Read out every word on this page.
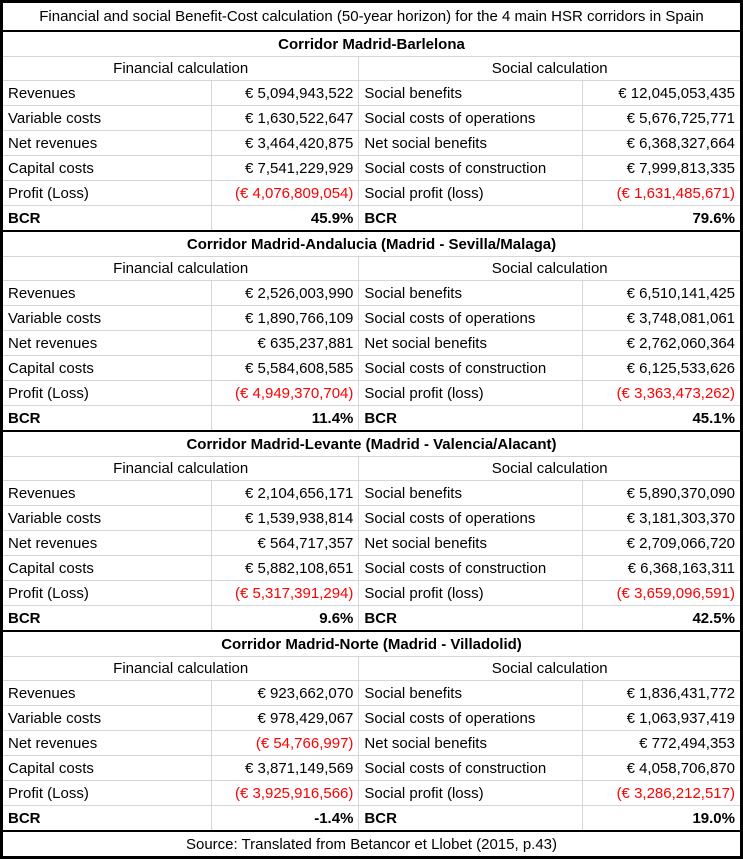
Financial and social Benefit-Cost calculation (50-year horizon) for the 4 main HSR corridors in Spain			
Corridor Madrid-Barlelona			
Financial calculation		Social calculation	
Revenues	€ 5,094,943,522	Social benefits	€ 12,045,053,435
Variable costs	€ 1,630,522,647	Social costs of operations	€ 5,676,725,771
Net revenues	€ 3,464,420,875	Net social benefits	€ 6,368,327,664
Capital costs	€ 7,541,229,929	Social costs of construction	€ 7,999,813,335
Profit (Loss)	(€ 4,076,809,054)	Social profit (loss)	(€ 1,631,485,671)
BCR	45.9%	BCR	79.6%
Corridor Madrid-Andalucia (Madrid - Sevilla/Malaga)			
Financial calculation		Social calculation	
Revenues	€ 2,526,003,990	Social benefits	€ 6,510,141,425
Variable costs	€ 1,890,766,109	Social costs of operations	€ 3,748,081,061
Net revenues	€ 635,237,881	Net social benefits	€ 2,762,060,364
Capital costs	€ 5,584,608,585	Social costs of construction	€ 6,125,533,626
Profit (Loss)	(€ 4,949,370,704)	Social profit (loss)	(€ 3,363,473,262)
BCR	11.4%	BCR	45.1%
Corridor Madrid-Levante (Madrid - Valencia/Alacant)			
Financial calculation		Social calculation	
Revenues	€ 2,104,656,171	Social benefits	€ 5,890,370,090
Variable costs	€ 1,539,938,814	Social costs of operations	€ 3,181,303,370
Net revenues	€ 564,717,357	Net social benefits	€ 2,709,066,720
Capital costs	€ 5,882,108,651	Social costs of construction	€ 6,368,163,311
Profit (Loss)	(€ 5,317,391,294)	Social profit (loss)	(€ 3,659,096,591)
BCR	9.6%	BCR	42.5%
Corridor Madrid-Norte (Madrid - Villadolid)			
Financial calculation		Social calculation	
Revenues	€ 923,662,070	Social benefits	€ 1,836,431,772
Variable costs	€ 978,429,067	Social costs of operations	€ 1,063,937,419
Net revenues	(€ 54,766,997)	Net social benefits	€ 772,494,353
Capital costs	€ 3,871,149,569	Social costs of construction	€ 4,058,706,870
Profit (Loss)	(€ 3,925,916,566)	Social profit (loss)	(€ 3,286,212,517)
BCR	-1.4%	BCR	19.0%
Source: Translated from Betancor et Llobet (2015, p.43)			
